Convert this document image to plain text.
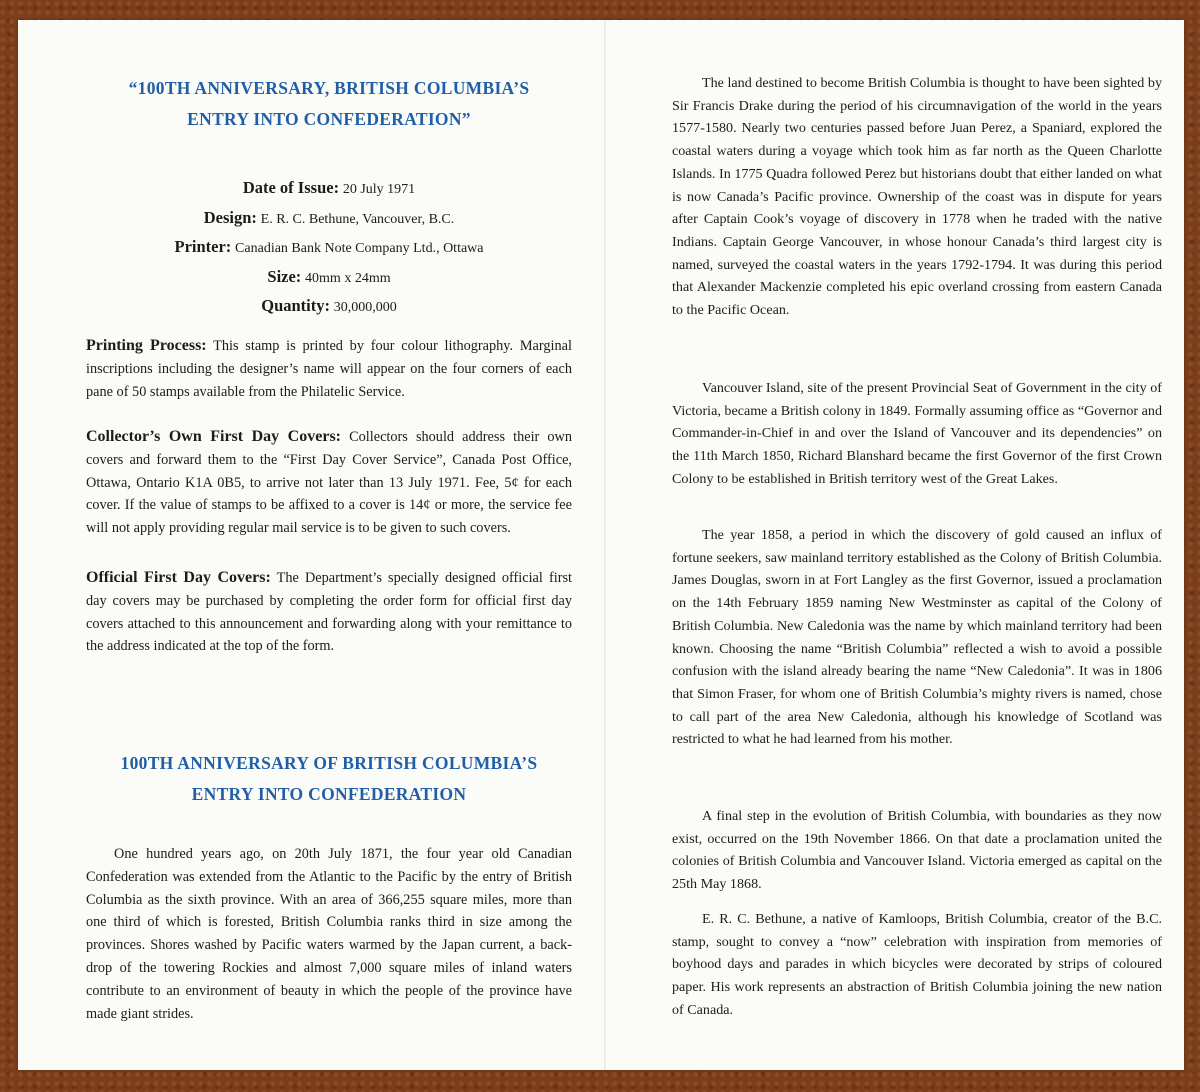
“100TH ANNIVERSARY, BRITISH COLUMBIA’S
ENTRY INTO CONFEDERATION”
Date of Issue: 20 July 1971
Design: E. R. C. Bethune, Vancouver, B.C.
Printer: Canadian Bank Note Company Ltd., Ottawa
Size: 40mm x 24mm
Quantity: 30,000,000
Printing Process: This stamp is printed by four colour lithography. Marginal inscriptions including the designer’s name will appear on the four corners of each pane of 50 stamps available from the Philatelic Service.
Collector’s Own First Day Covers: Collectors should address their own covers and forward them to the “First Day Cover Service”, Canada Post Office, Ottawa, Ontario K1A 0B5, to arrive not later than 13 July 1971. Fee, 5¢ for each cover. If the value of stamps to be affixed to a cover is 14¢ or more, the service fee will not apply providing regular mail service is to be given to such covers.
Official First Day Covers: The Department’s specially designed official first day covers may be purchased by completing the order form for official first day covers attached to this announcement and forwarding along with your remittance to the address indicated at the top of the form.
100TH ANNIVERSARY OF BRITISH COLUMBIA’S
ENTRY INTO CONFEDERATION
One hundred years ago, on 20th July 1871, the four year old Canadian Confederation was extended from the Atlantic to the Pacific by the entry of British Columbia as the sixth province. With an area of 366,255 square miles, more than one third of which is forested, British Columbia ranks third in size among the provinces. Shores washed by Pacific waters warmed by the Japan current, a back-drop of the towering Rockies and almost 7,000 square miles of inland waters contribute to an environment of beauty in which the people of the province have made giant strides.
The land destined to become British Columbia is thought to have been sighted by Sir Francis Drake during the period of his circumnavigation of the world in the years 1577-1580. Nearly two centuries passed before Juan Perez, a Spaniard, explored the coastal waters during a voyage which took him as far north as the Queen Charlotte Islands. In 1775 Quadra followed Perez but historians doubt that either landed on what is now Canada’s Pacific province. Ownership of the coast was in dispute for years after Captain Cook’s voyage of discovery in 1778 when he traded with the native Indians. Captain George Vancouver, in whose honour Canada’s third largest city is named, surveyed the coastal waters in the years 1792-1794. It was during this period that Alexander Mackenzie completed his epic overland crossing from eastern Canada to the Pacific Ocean.
Vancouver Island, site of the present Provincial Seat of Government in the city of Victoria, became a British colony in 1849. Formally assuming office as “Governor and Commander-in-Chief in and over the Island of Vancouver and its dependencies” on the 11th March 1850, Richard Blanshard became the first Governor of the first Crown Colony to be established in British territory west of the Great Lakes.
The year 1858, a period in which the discovery of gold caused an influx of fortune seekers, saw mainland territory established as the Colony of British Columbia. James Douglas, sworn in at Fort Langley as the first Governor, issued a proclamation on the 14th February 1859 naming New Westminster as capital of the Colony of British Columbia. New Caledonia was the name by which mainland territory had been known. Choosing the name “British Columbia” reflected a wish to avoid a possible confusion with the island already bearing the name “New Caledonia”. It was in 1806 that Simon Fraser, for whom one of British Columbia’s mighty rivers is named, chose to call part of the area New Caledonia, although his knowledge of Scotland was restricted to what he had learned from his mother.
A final step in the evolution of British Columbia, with boundaries as they now exist, occurred on the 19th November 1866. On that date a proclamation united the colonies of British Columbia and Vancouver Island. Victoria emerged as capital on the 25th May 1868.
E. R. C. Bethune, a native of Kamloops, British Columbia, creator of the B.C. stamp, sought to convey a “now” celebration with inspiration from memories of boyhood days and parades in which bicycles were decorated by strips of coloured paper. His work represents an abstraction of British Columbia joining the new nation of Canada.
